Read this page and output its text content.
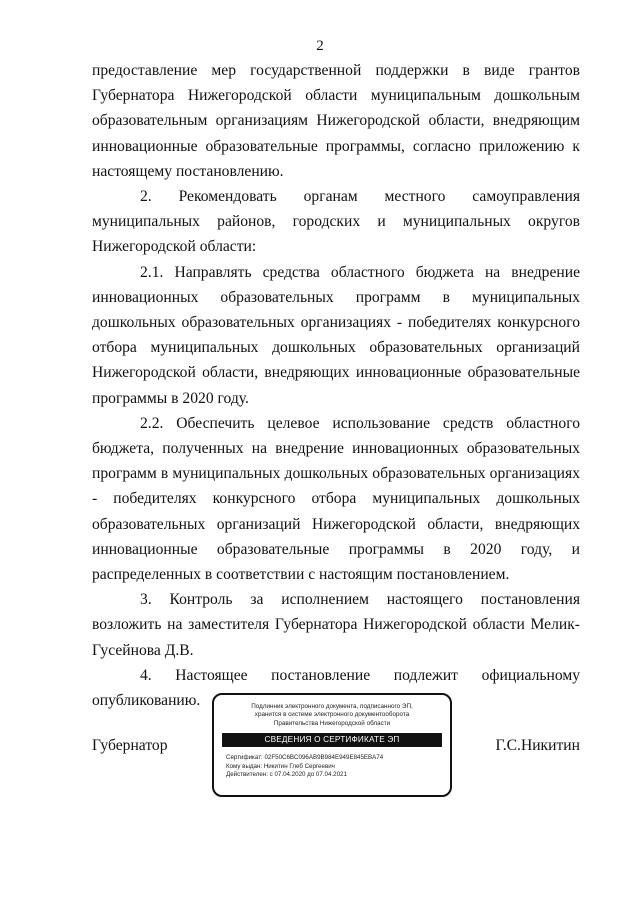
2

предоставление мер государственной поддержки в виде грантов Губернатора Нижегородской области муниципальным дошкольным образовательным организациям Нижегородской области, внедряющим инновационные образовательные программы, согласно приложению к настоящему постановлению.

2. Рекомендовать органам местного самоуправления муниципальных районов, городских и муниципальных округов Нижегородской области:

2.1. Направлять средства областного бюджета на внедрение инновационных образовательных программ в муниципальных дошкольных образовательных организациях - победителях конкурсного отбора муниципальных дошкольных образовательных организаций Нижегородской области, внедряющих инновационные образовательные программы в 2020 году.

2.2. Обеспечить целевое использование средств областного бюджета, полученных на внедрение инновационных образовательных программ в муниципальных дошкольных образовательных организациях - победителях конкурсного отбора муниципальных дошкольных образовательных организаций Нижегородской области, внедряющих инновационные образовательные программы в 2020 году, и распределенных в соответствии с настоящим постановлением.

3. Контроль за исполнением настоящего постановления возложить на заместителя Губернатора Нижегородской области Мелик-Гусейнова Д.В.

4. Настоящее постановление подлежит официальному опубликованию.

Губернатор	Г.С.Никитин
Подлинник электронного документа, подписанного ЭП,
хранится в системе электронного документооборота
Правительства Нижегородской области
СВЕДЕНИЯ О СЕРТИФИКАТЕ ЭП
Сертификат: 02F50C6BC096AB9B984E949E845EBA74
Кому выдан: Никитин Глеб Сергеевич
Действителен: с 07.04.2020 до 07.04.2021
